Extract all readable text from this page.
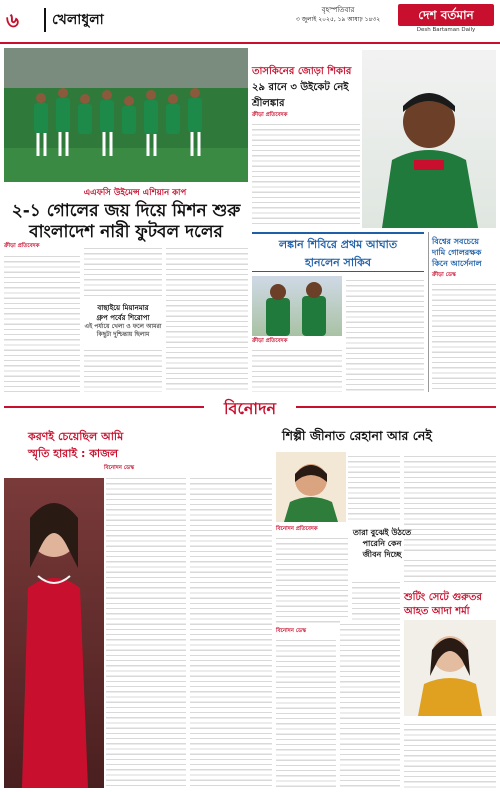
৬	খেলাধুলা
বৃহস্পতিবার
৩ জুলাই ২০২৫, ১৯ আষাঢ় ১৪৩২	দেশ বর্তমান
Desh Bartaman Daily
এএফসি উইমেন্স এশিয়ান কাপ
২-১ গোলের জয় দিয়ে মিশন শুরু
বাংলাদেশ নারী ফুটবল দলের
ক্রীড়া প্রতিবেদক
বাছাইয়ে মিয়ানমার
গ্রুপ পর্বের শিরোপা
এই পর্যায়ে খেলা ও ফলে আমরা কিছুটা দুশ্চিন্তায় ছিলাম
তাসকিনের জোড়া শিকার
২৯ রানে ৩ উইকেট নেই
শ্রীলঙ্কার
ক্রীড়া প্রতিবেদক
লঙ্কান শিবিরে প্রথম আঘাত
হানলেন সাকিব
ক্রীড়া প্রতিবেদক
বিশ্বের সবচেয়ে
দামি গোলরক্ষক
কিনে আর্সেনাল
ক্রীড়া ডেস্ক
বিনোদন
করণই চেয়েছিল আমি
স্মৃতি হারাই : কাজল
বিনোদন ডেস্ক
শিল্পী জীনাত রেহানা আর নেই
বিনোদন প্রতিবেদক	তারা বুঝেই উঠতে পারেনি কেন জীবন দিচ্ছে
শুটিং সেটে গুরুতর
আহত আদা শর্মা
বিনোদন ডেস্ক
